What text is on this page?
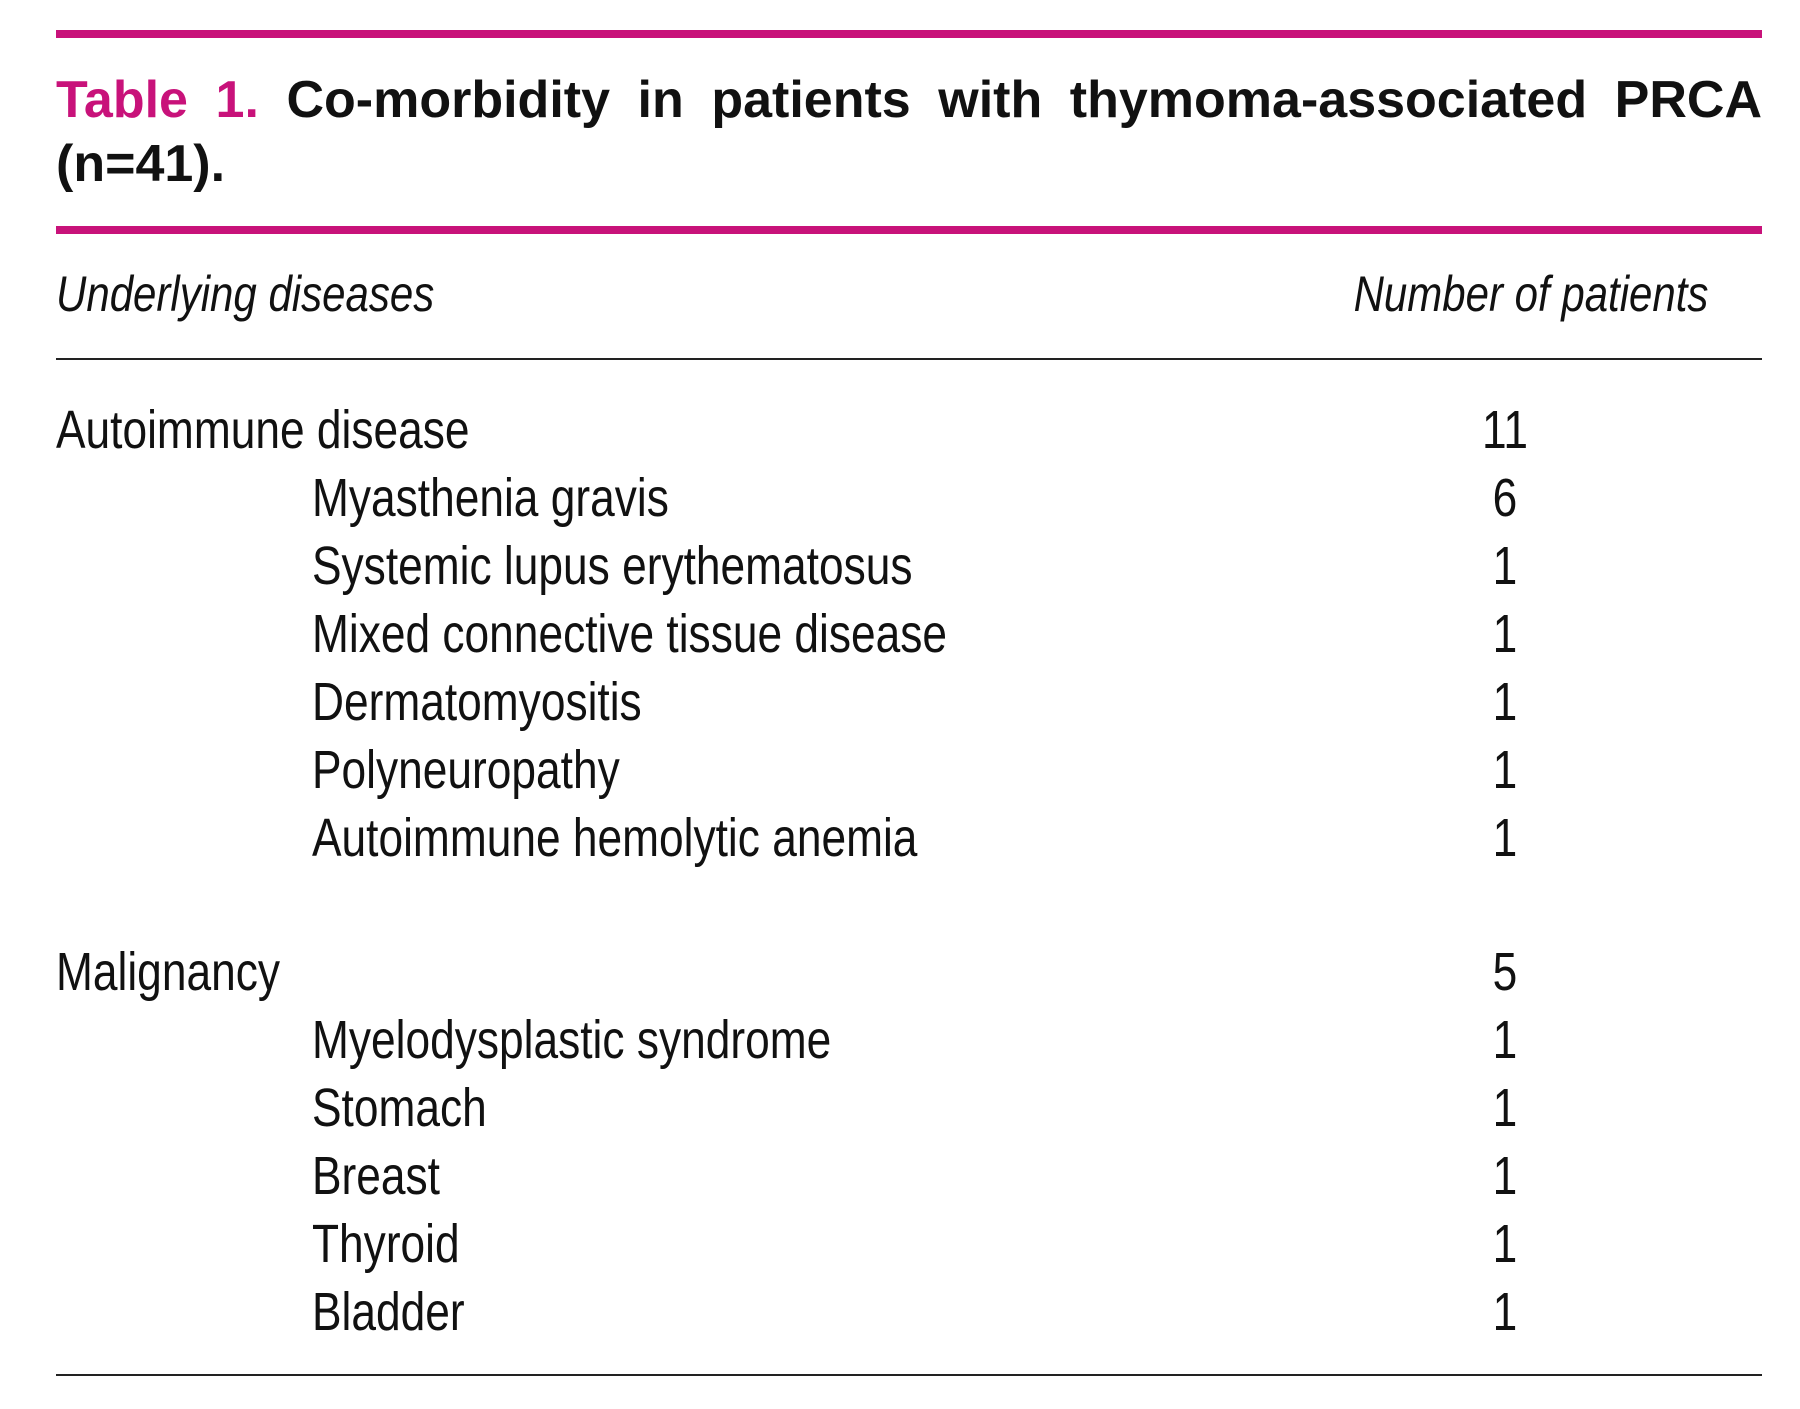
Table 1. Co-morbidity in patients with thymoma-associated PRCA (n=41).

Underlying diseases	Number of patients
Autoimmune disease	11
Myasthenia gravis	6
Systemic lupus erythematosus	1
Mixed connective tissue disease	1
Dermatomyositis	1
Polyneuropathy	1
Autoimmune hemolytic anemia	1
Malignancy	5
Myelodysplastic syndrome	1
Stomach	1
Breast	1
Thyroid	1
Bladder	1
